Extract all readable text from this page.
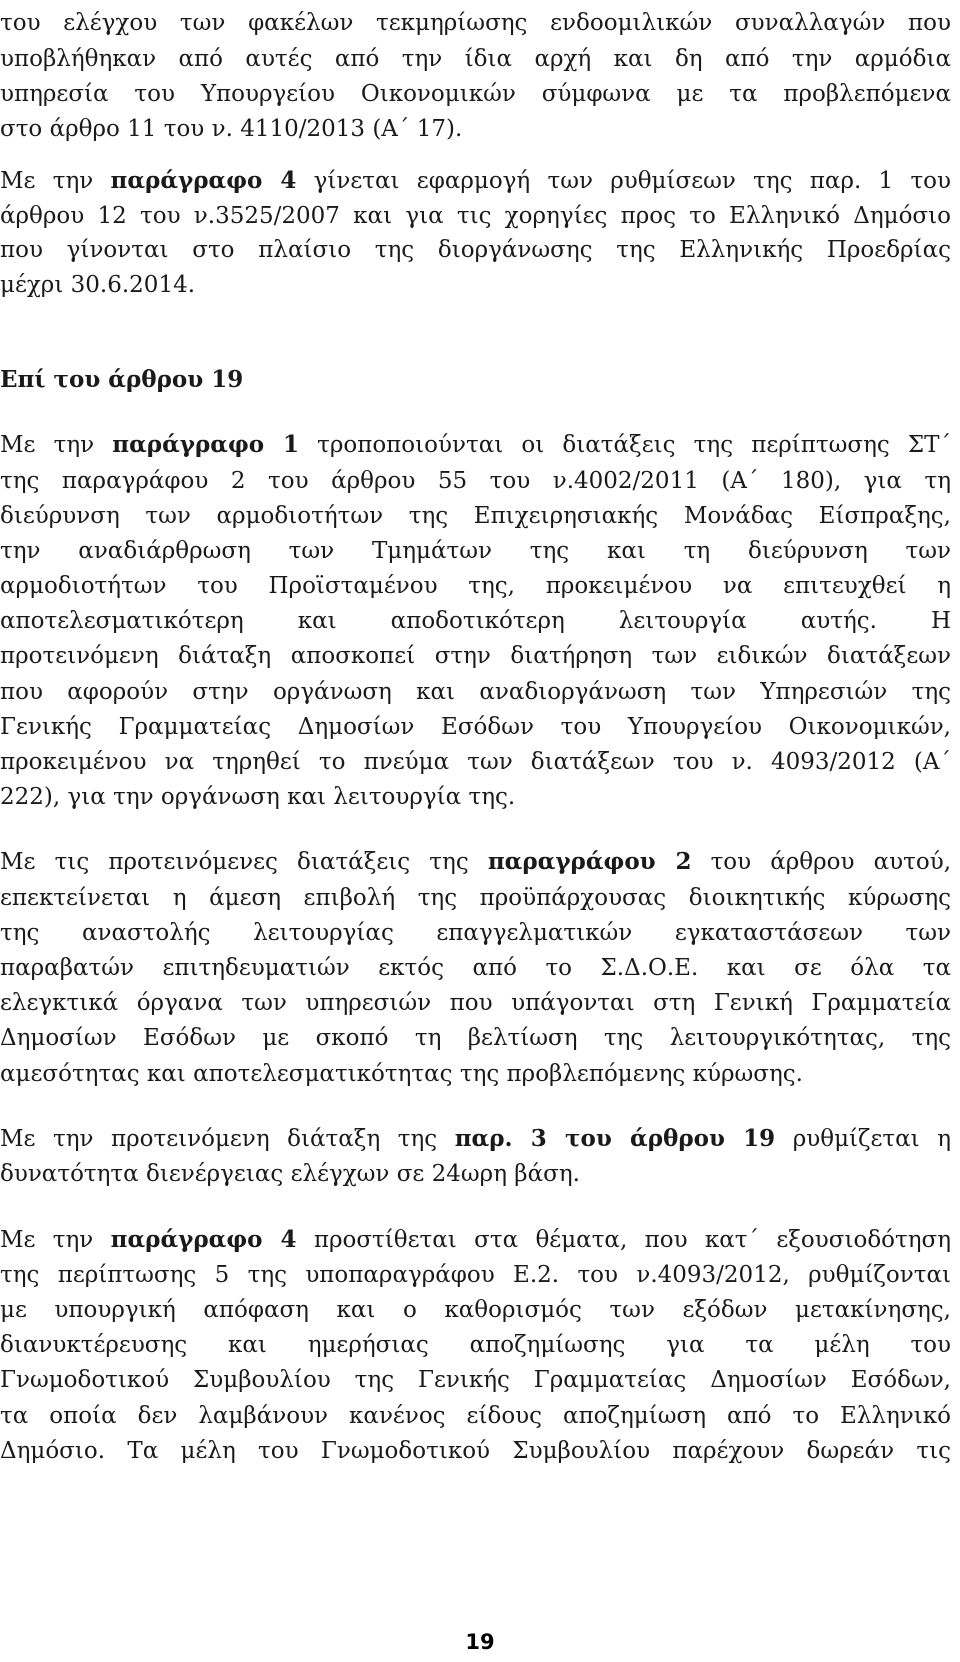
του ελέγχου των φακέλων τεκμηρίωσης ενδοομιλικών συναλλαγών που
υποβλήθηκαν από αυτές από την ίδια αρχή και δη από την αρμόδια
υπηρεσία του Υπουργείου Οικονομικών σύμφωνα με τα προβλεπόμενα
στο άρθρο 11 του ν. 4110/2013 (Α΄ 17).
Με την παράγραφο 4 γίνεται εφαρμογή των ρυθμίσεων της παρ. 1 του
άρθρου 12 του ν.3525/2007 και για τις χορηγίες προς το Ελληνικό Δημόσιο
που γίνονται στο πλαίσιο της διοργάνωσης της Ελληνικής Προεδρίας
μέχρι 30.6.2014.
Επί του άρθρου 19
Με την παράγραφο 1 τροποποιούνται οι διατάξεις της περίπτωσης ΣΤ΄
της παραγράφου 2 του άρθρου 55 του ν.4002/2011 (Α΄ 180), για τη
διεύρυνση των αρμοδιοτήτων της Επιχειρησιακής Μονάδας Είσπραξης,
την αναδιάρθρωση των Τμημάτων της και τη διεύρυνση των
αρμοδιοτήτων του Προϊσταμένου της, προκειμένου να επιτευχθεί η
αποτελεσματικότερη και αποδοτικότερη λειτουργία αυτής. Η
προτεινόμενη διάταξη αποσκοπεί στην διατήρηση των ειδικών διατάξεων
που αφορούν στην οργάνωση και αναδιοργάνωση των Υπηρεσιών της
Γενικής Γραμματείας Δημοσίων Εσόδων του Υπουργείου Οικονομικών,
προκειμένου να τηρηθεί το πνεύμα των διατάξεων του ν. 4093/2012 (Α΄
222), για την οργάνωση και λειτουργία της.
Με τις προτεινόμενες διατάξεις της παραγράφου 2 του άρθρου αυτού,
επεκτείνεται η άμεση επιβολή της προϋπάρχουσας διοικητικής κύρωσης
της αναστολής λειτουργίας επαγγελματικών εγκαταστάσεων των
παραβατών επιτηδευματιών εκτός από το Σ.Δ.Ο.Ε. και σε όλα τα
ελεγκτικά όργανα των υπηρεσιών που υπάγονται στη Γενική Γραμματεία
Δημοσίων Εσόδων με σκοπό τη βελτίωση της λειτουργικότητας, της
αμεσότητας και αποτελεσματικότητας της προβλεπόμενης κύρωσης.
Με την προτεινόμενη διάταξη της παρ. 3 του άρθρου 19 ρυθμίζεται η
δυνατότητα διενέργειας ελέγχων σε 24ωρη βάση.
Με την παράγραφο 4 προστίθεται στα θέματα, που κατ΄ εξουσιοδότηση
της περίπτωσης 5 της υποπαραγράφου Ε.2. του ν.4093/2012, ρυθμίζονται
με υπουργική απόφαση και ο καθορισμός των εξόδων μετακίνησης,
διανυκτέρευσης και ημερήσιας αποζημίωσης για τα μέλη του
Γνωμοδοτικού Συμβουλίου της Γενικής Γραμματείας Δημοσίων Εσόδων,
τα οποία δεν λαμβάνουν κανένος είδους αποζημίωση από το Ελληνικό
Δημόσιο. Τα μέλη του Γνωμοδοτικού Συμβουλίου παρέχουν δωρεάν τις
19
